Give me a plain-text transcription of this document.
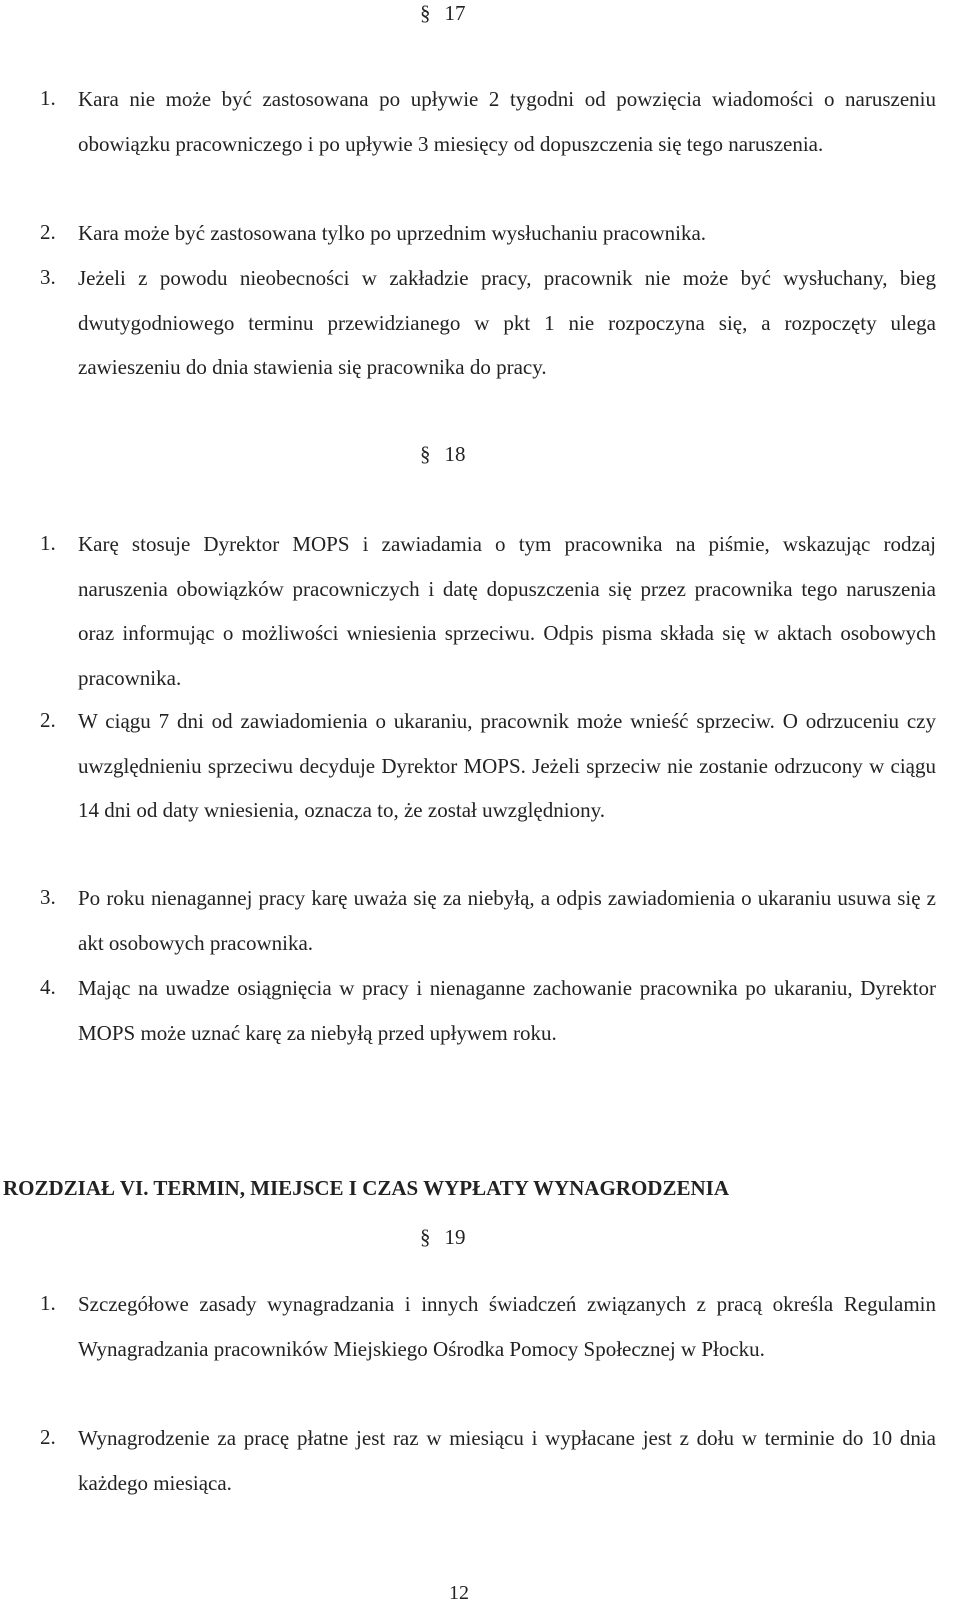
§ 17
1. Kara nie może być zastosowana po upływie 2 tygodni od powzięcia wiadomości o naruszeniu obowiązku pracowniczego i po upływie 3 miesięcy od dopuszczenia się tego naruszenia.
2. Kara może być zastosowana tylko po uprzednim wysłuchaniu pracownika.
3. Jeżeli z powodu nieobecności w zakładzie pracy, pracownik nie może być wysłuchany, bieg dwutygodniowego terminu przewidzianego w pkt 1 nie rozpoczyna się, a rozpoczęty ulega zawieszeniu do dnia stawienia się pracownika do pracy.
§ 18
1. Karę stosuje Dyrektor MOPS i zawiadamia o tym pracownika na piśmie, wskazując rodzaj naruszenia obowiązków pracowniczych i datę dopuszczenia się przez pracownika tego naruszenia oraz informując o możliwości wniesienia sprzeciwu. Odpis pisma składa się w aktach osobowych pracownika.
2. W ciągu 7 dni od zawiadomienia o ukaraniu, pracownik może wnieść sprzeciw. O odrzuceniu czy uwzględnieniu sprzeciwu decyduje Dyrektor MOPS. Jeżeli sprzeciw nie zostanie odrzucony w ciągu 14 dni od daty wniesienia, oznacza to, że został uwzględniony.
3. Po roku nienagannej pracy karę uważa się za niebyłą, a odpis zawiadomienia o ukaraniu usuwa się z akt osobowych pracownika.
4. Mając na uwadze osiągnięcia w pracy i nienaganne zachowanie pracownika po ukaraniu, Dyrektor MOPS może uznać karę za niebyłą przed upływem roku.
ROZDZIAŁ VI. TERMIN, MIEJSCE I CZAS WYPŁATY WYNAGRODZENIA
§ 19
1. Szczegółowe zasady wynagradzania i innych świadczeń związanych z pracą określa Regulamin Wynagradzania pracowników Miejskiego Ośrodka Pomocy Społecznej w Płocku.
2. Wynagrodzenie za pracę płatne jest raz w miesiącu i wypłacane jest z dołu w terminie do 10 dnia każdego miesiąca.
12
